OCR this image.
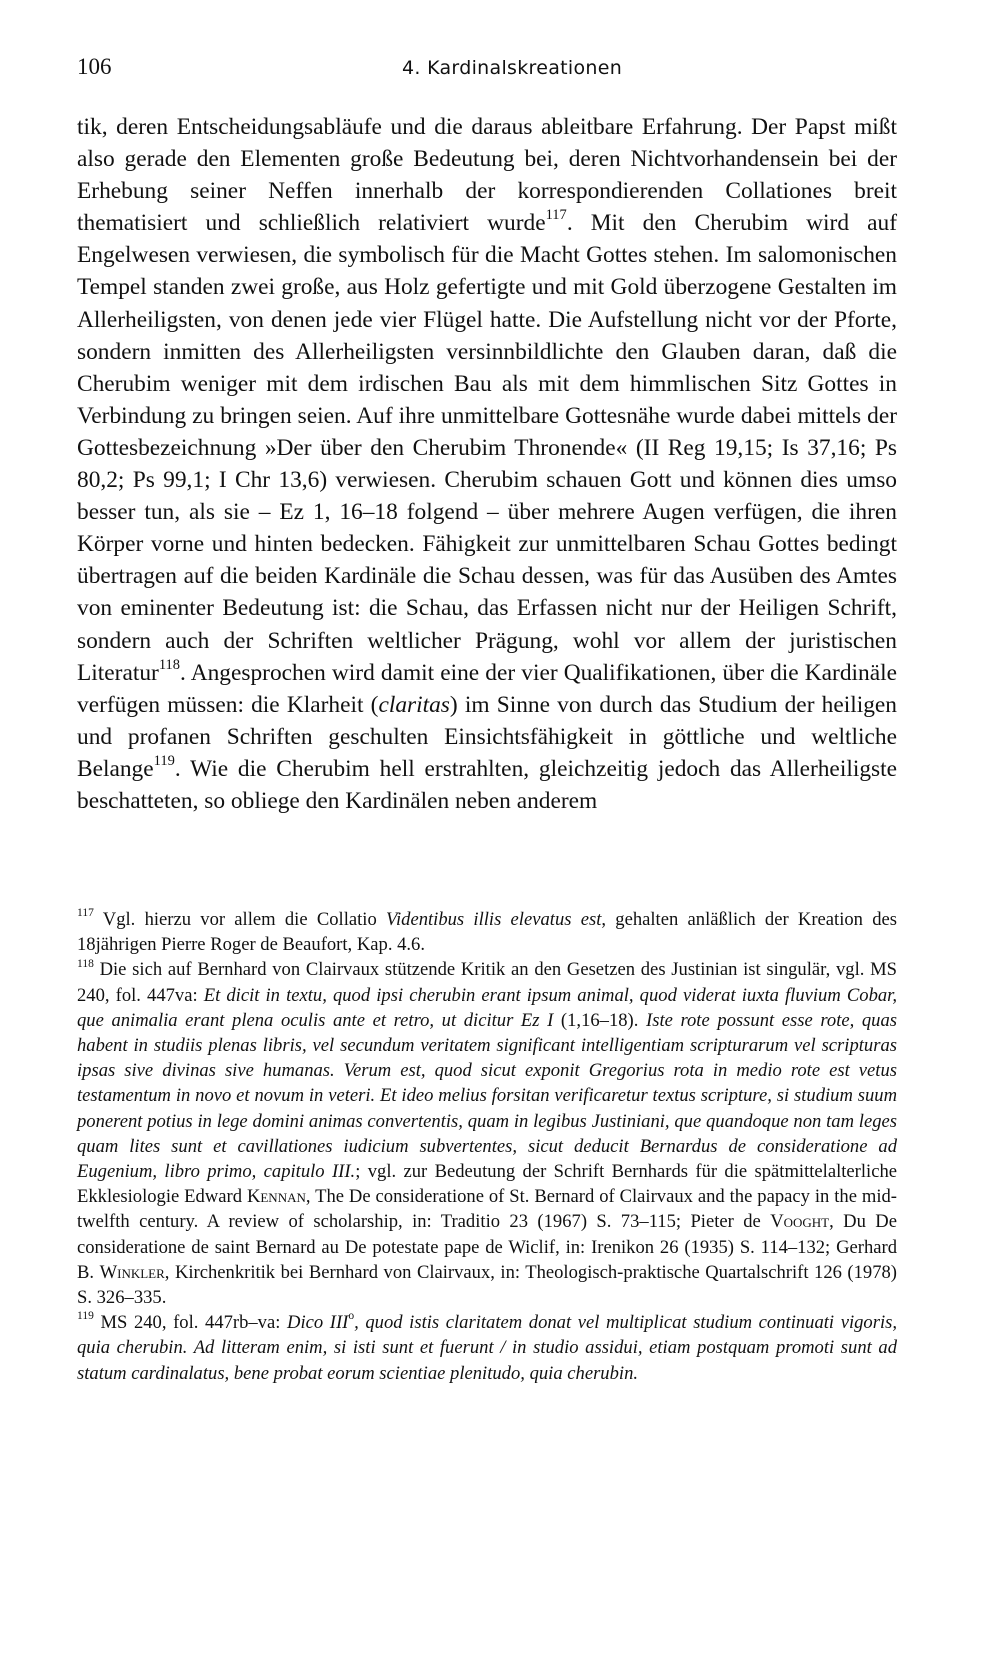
106	4. Kardinalskreationen

tik, deren Entscheidungsabläufe und die daraus ableitbare Erfahrung. Der Papst mißt also gerade den Elementen große Bedeutung bei, deren Nichtvorhandensein bei der Erhebung seiner Neffen innerhalb der korrespondierenden Collationes breit thematisiert und schließlich relativiert wurde$^{117}$. Mit den Cherubim wird auf Engelwesen verwiesen, die symbolisch für die Macht Gottes stehen. Im salomonischen Tempel standen zwei große, aus Holz gefertigte und mit Gold überzogene Gestalten im Allerheiligsten, von denen jede vier Flügel hatte. Die Aufstellung nicht vor der Pforte, sondern inmitten des Allerheiligsten versinnbildlichte den Glauben daran, daß die Cherubim weniger mit dem irdischen Bau als mit dem himmlischen Sitz Gottes in Verbindung zu bringen seien. Auf ihre unmittelbare Gottesnähe wurde dabei mittels der Gottesbezeichnung »Der über den Cherubim Thronende« (II Reg 19,15; Is 37,16; Ps 80,2; Ps 99,1; I Chr 13,6) verwiesen. Cherubim schauen Gott und können dies umso besser tun, als sie – Ez 1, 16–18 folgend – über mehrere Augen verfügen, die ihren Körper vorne und hinten bedecken. Fähigkeit zur unmittelbaren Schau Gottes bedingt übertragen auf die beiden Kardinäle die Schau dessen, was für das Ausüben des Amtes von eminenter Bedeutung ist: die Schau, das Erfassen nicht nur der Heiligen Schrift, sondern auch der Schriften weltlicher Prägung, wohl vor allem der juristischen Literatur$^{118}$. Angesprochen wird damit eine der vier Qualifikationen, über die Kardinäle verfügen müssen: die Klarheit (claritas) im Sinne von durch das Studium der heiligen und profanen Schriften geschulten Einsichtsfähigkeit in göttliche und weltliche Belange$^{119}$. Wie die Cherubim hell erstrahlten, gleichzeitig jedoch das Allerheiligste beschatteten, so obliege den Kardinälen neben anderem

$^{117}$ Vgl. hierzu vor allem die Collatio Videntibus illis elevatus est, gehalten anläßlich der Kreation des 18jährigen Pierre Roger de Beaufort, Kap. 4.6.

$^{118}$ Die sich auf Bernhard von Clairvaux stützende Kritik an den Gesetzen des Justinian ist singulär, vgl. MS 240, fol. 447va: Et dicit in textu, quod ipsi cherubin erant ipsum animal, quod viderat iuxta fluvium Cobar, que animalia erant plena oculis ante et retro, ut dicitur Ez I (1,16–18). Iste rote possunt esse rote, quas habent in studiis plenas libris, vel secundum veritatem significant intelligentiam scripturarum vel scripturas ipsas sive divinas sive humanas. Verum est, quod sicut exponit Gregorius rota in medio rote est vetus testamentum in novo et novum in veteri. Et ideo melius forsitan verificaretur textus scripture, si studium suum ponerent potius in lege domini animas convertentis, quam in legibus Justiniani, que quandoque non tam leges quam lites sunt et cavillationes iudicium subvertentes, sicut deducit Bernardus de consideratione ad Eugenium, libro primo, capitulo III.; vgl. zur Bedeutung der Schrift Bernhards für die spätmittelalterliche Ekklesiologie Edward Kennan, The De consideratione of St. Bernard of Clairvaux and the papacy in the mid-twelfth century. A review of scholarship, in: Traditio 23 (1967) S. 73–115; Pieter de Vooght, Du De consideratione de saint Bernard au De potestate pape de Wiclif, in: Irenikon 26 (1935) S. 114–132; Gerhard B. Winkler, Kirchenkritik bei Bernhard von Clairvaux, in: Theologisch-praktische Quartalschrift 126 (1978) S. 326–335.

$^{119}$ MS 240, fol. 447rb–va: Dico III$^o$, quod istis claritatem donat vel multiplicat studium continuati vigoris, quia cherubin. Ad litteram enim, si isti sunt et fuerunt / in studio assidui, etiam postquam promoti sunt ad statum cardinalatus, bene probat eorum scientiae plenitudo, quia cherubin.
